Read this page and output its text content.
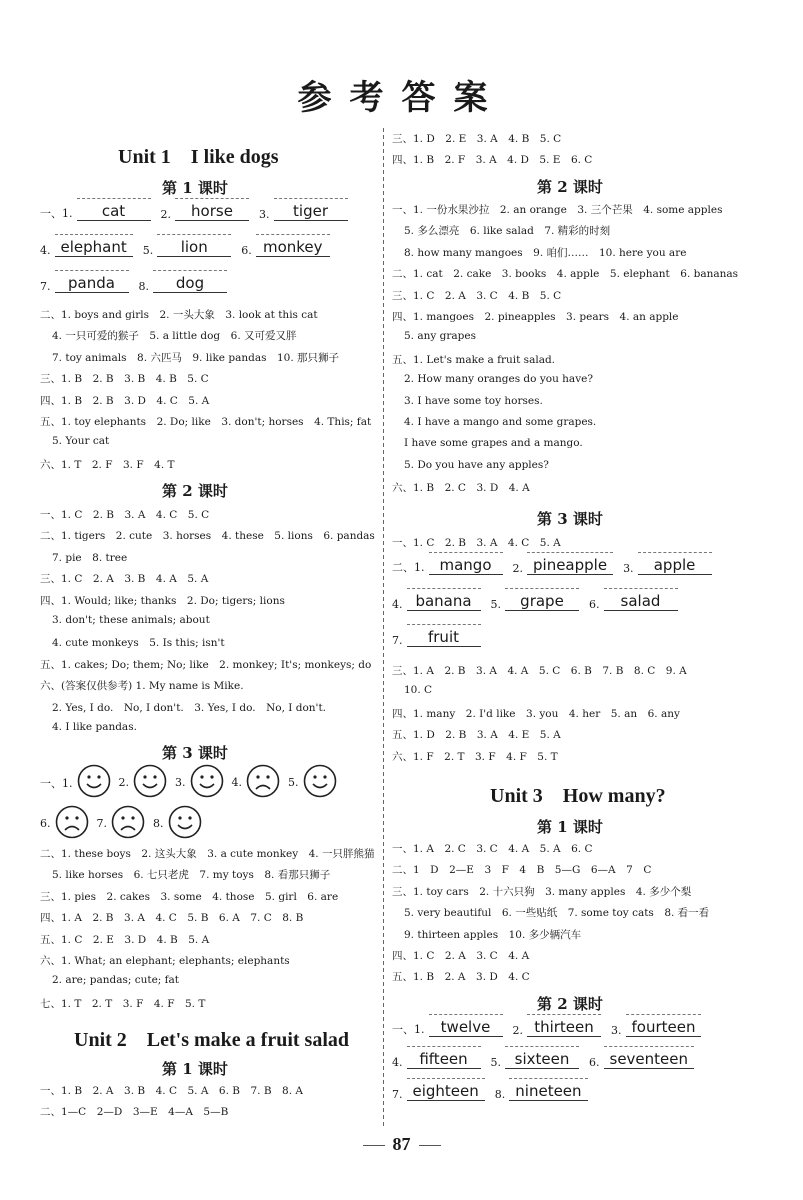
参考答案
Unit 1　I like dogs
第 1 课时
第 2 课时
第 3 课时
Unit 2　Let's make a fruit salad
第 1 课时
二、1. boys and girls　2. 一头大象　3. look at this cat
4. 一只可爱的猴子　5. a little dog　6. 又可爱又胖
7. toy animals　8. 六匹马　9. like pandas　10. 那只狮子
三、1. B　2. B　3. B　4. B　5. C
四、1. B　2. B　3. D　4. C　5. A
五、1. toy elephants　2. Do; like　3. don't; horses　4. This; fat
5. Your cat
六、1. T　2. F　3. F　4. T
一、1. C　2. B　3. A　4. C　5. C
二、1. tigers　2. cute　3. horses　4. these　5. lions　6. pandas
7. pie　8. tree
三、1. C　2. A　3. B　4. A　5. A
四、1. Would; like; thanks　2. Do; tigers; lions
3. don't; these animals; about
4. cute monkeys　5. Is this; isn't
五、1. cakes; Do; them; No; like　2. monkey; It's; monkeys; do
六、(答案仅供参考) 1. My name is Mike.
2. Yes, I do.　No, I don't.　3. Yes, I do.　No, I don't.
4. I like pandas.
二、1. these boys　2. 这头大象　3. a cute monkey　4. 一只胖熊猫
5. like horses　6. 七只老虎　7. my toys　8. 看那只狮子
三、1. pies　2. cakes　3. some　4. those　5. girl　6. are
四、1. A　2. B　3. A　4. C　5. B　6. A　7. C　8. B
五、1. C　2. E　3. D　4. B　5. A
六、1. What; an elephant; elephants; elephants
2. are; pandas; cute; fat
七、1. T　2. T　3. F　4. F　5. T
一、1. B　2. A　3. B　4. C　5. A　6. B　7. B　8. A
二、1—C　2—D　3—E　4—A　5—B
一、1.	cat	2.	horse	3.	tiger
4. elephant	5.	lion	6. monkey
7.	panda	8.	dog
一、1.	2.	3.	4.	5.
6.	7.	8.
第 2 课时
第 3 课时
Unit 3　How many?
第 1 课时
第 2 课时
三、1. D　2. E　3. A　4. B　5. C
四、1. B　2. F　3. A　4. D　5. E　6. C
一、1. 一份水果沙拉　2. an orange　3. 三个芒果　4. some apples
5. 多么漂亮　6. like salad　7. 精彩的时刻
8. how many mangoes　9. 咱们……　10. here you are
二、1. cat　2. cake　3. books　4. apple　5. elephant　6. bananas
三、1. C　2. A　3. C　4. B　5. C
四、1. mangoes　2. pineapples　3. pears　4. an apple
5. any grapes
五、1. Let's make a fruit salad.
2. How many oranges do you have?
3. I have some toy horses.
4. I have a mango and some grapes.
I have some grapes and a mango.
5. Do you have any apples?
六、1. B　2. C　3. D　4. A
一、1. C　2. B　3. A　4. C　5. A
三、1. A　2. B　3. A　4. A　5. C　6. B　7. B　8. C　9. A
10. C
四、1. many　2. I'd like　3. you　4. her　5. an　6. any
五、1. D　2. B　3. A　4. E　5. A
六、1. F　2. T　3. F　4. F　5. T
一、1. A　2. C　3. C　4. A　5. A　6. C
二、1　D　2—E　3　F　4　B　5—G　6—A　7　C
三、1. toy cars　2. 十六只狗　3. many apples　4. 多少个梨
5. very beautiful　6. 一些贴纸　7. some toy cats　8. 看一看
9. thirteen apples　10. 多少辆汽车
四、1. C　2. A　3. C　4. A
五、1. B　2. A　3. D　4. C
二、1. mango	2. pineapple	3.	apple
4. banana	5.	grape	6.	salad
7.	fruit
一、1.	twelve	2. thirteen	3. fourteen
4.	fifteen	5. sixteen	6. seventeen
7. eighteen	8. nineteen
87
